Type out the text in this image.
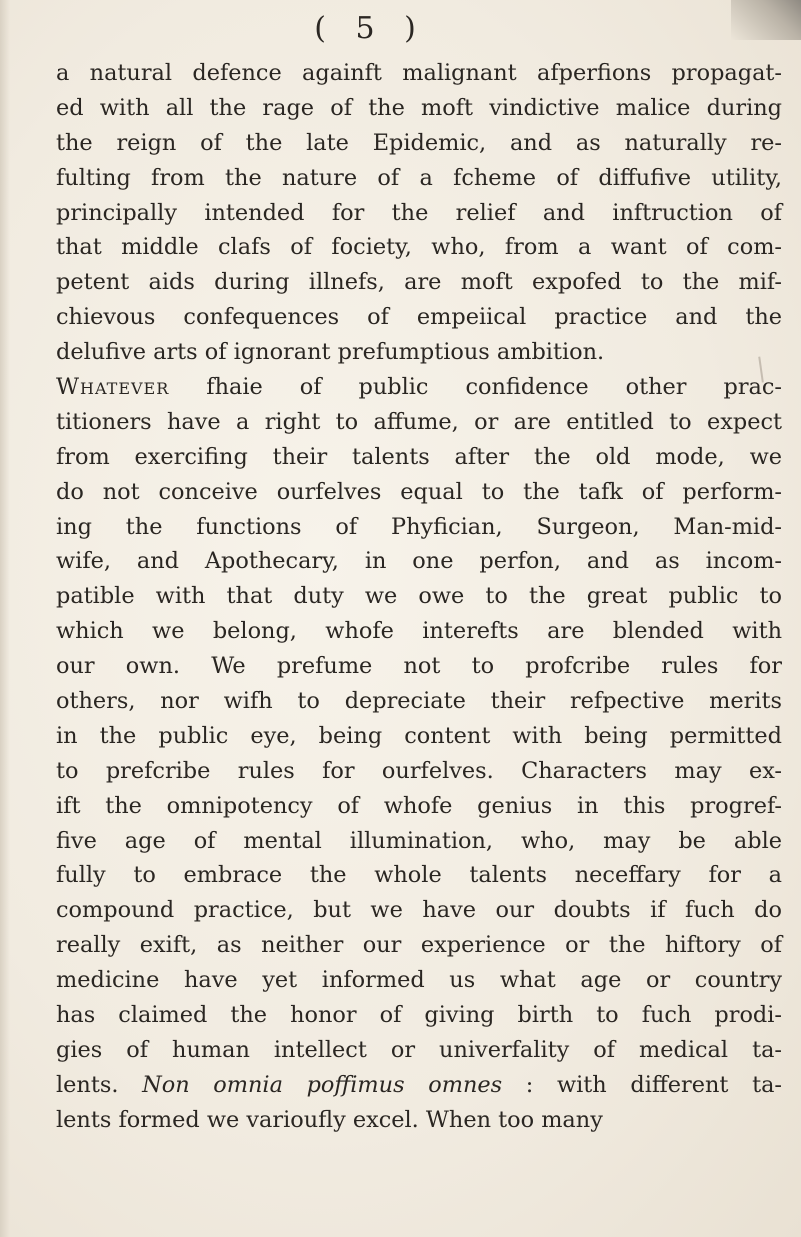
( 5 )
a natural defence againft malignant afperfions propagat-
ed with all the rage of the moft vindictive malice during
the reign of the late Epidemic, and as naturally re-
fulting from the nature of a fcheme of diffufive utility,
principally intended for the relief and inftruction of
that middle clafs of fociety, who, from a want of com-
petent aids during illnefs, are moft expofed to the mif-
chievous confequences of empeiical practice and the
delufive arts of ignorant prefumptious ambition.
Whatever fhaie of public confidence other prac-
titioners have a right to affume, or are entitled to expect
from exercifing their talents after the old mode, we
do not conceive ourfelves equal to the tafk of perform-
ing the functions of Phyfician, Surgeon, Man-mid-
wife, and Apothecary, in one perfon, and as incom-
patible with that duty we owe to the great public to
which we belong, whofe interefts are blended with
our own. We prefume not to profcribe rules for
others, nor wifh to depreciate their refpective merits
in the public eye, being content with being permitted
to prefcribe rules for ourfelves. Characters may ex-
ift the omnipotency of whofe genius in this progref-
five age of mental illumination, who, may be able
fully to embrace the whole talents neceffary for a
compound practice, but we have our doubts if fuch do
really exift, as neither our experience or the hiftory of
medicine have yet informed us what age or country
has claimed the honor of giving birth to fuch prodi-
gies of human intellect or univerfality of medical ta-
lents. Non omnia poffimus omnes : with different ta-
lents formed we varioufly excel. When too many
